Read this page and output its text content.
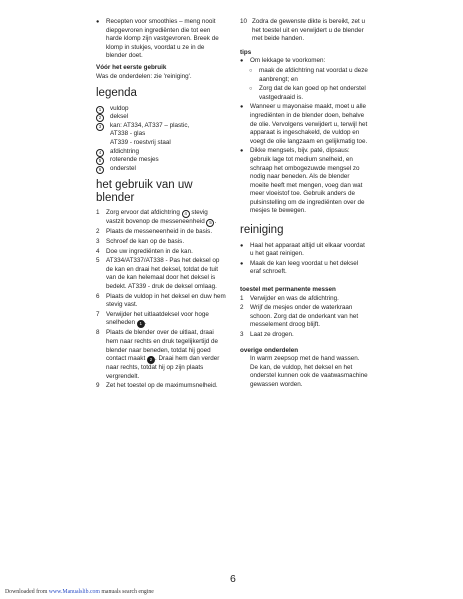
● Recepten voor smoothies – meng nooit diepgevroren ingrediënten die tot een harde klomp zijn vastgevroren. Breek de klomp in stukjes, voordat u ze in de blender doet.

Vóór het eerste gebruik

Was de onderdelen: zie 'reiniging'.

legenda
1	vuldop
2	deksel
3	kan: AT334, AT337 – plastic,
AT338 - glas
AT339 - roestvrij staal
4	afdichtring
5	roterende mesjes
6	onderstel
het gebruik van uw blender

1 Zorg ervoor dat afdichtring 4 stevig vastzit bovenop de messeneenheid 5 .

2 Plaats de messeneenheid in de basis.

3 Schroef de kan op de basis.

4 Doe uw ingrediënten in de kan.

5 AT334/AT337/AT338 - Pas het deksel op de kan en draai het deksel, totdat de tuit van de kan helemaal door het deksel is bedekt. AT339 - druk de deksel omlaag.

6 Plaats de vuldop in het deksel en duw hem stevig vast.

7 Verwijder het uitlaatdeksel voor hoge snelheden 1 .

8 Plaats de blender over de uitlaat, draai hem naar rechts en druk tegelijkertijd de blender naar beneden, totdat hij goed contact maakt 2 . Draai hem dan verder naar rechts, totdat hij op zijn plaats vergrendelt.

9 Zet het toestel op de maximumsnelheid.

10 Zodra de gewenste dikte is bereikt, zet u het toestel uit en verwijdert u de blender met beide handen.

tips

● Om lekkage te voorkomen:

○ maak de afdichtring nat voordat u deze aanbrengt; en

○ Zorg dat de kan goed op het onderstel vastgedraaid is.

● Wanneer u mayonaise maakt, moet u alle ingrediënten in de blender doen, behalve de olie. Vervolgens verwijdert u, terwijl het apparaat is ingeschakeld, de vuldop en voegt de olie langzaam en gelijkmatig toe.

● Dikke mengsels, bijv. paté, dipsaus: gebruik lage tot medium snelheid, en schraap het ombogezuwde mengsel zo nodig naar beneden. Als de blender moeite heeft met mengen, voeg dan wat meer vloeistof toe. Gebruik anders de pulsinstelling om de ingrediënten over de mesjes te bewegen.

reiniging

● Haal het apparaat altijd uit elkaar voordat u het gaat reinigen.

● Maak de kan leeg voordat u het deksel eraf schroeft.

toestel met permanente messen

1 Verwijder en was de afdichtring.

2 Wrijf de mesjes onder de waterkraan schoon. Zorg dat de onderkant van het messelement droog blijft.

3 Laat ze drogen.

overige onderdelen

In warm zeepsop met de hand wassen. De kan, de vuldop, het deksel en het onderstel kunnen ook de vaatwasmachine gewassen worden.

6
Downloaded from www.Manualslib.com manuals search engine
